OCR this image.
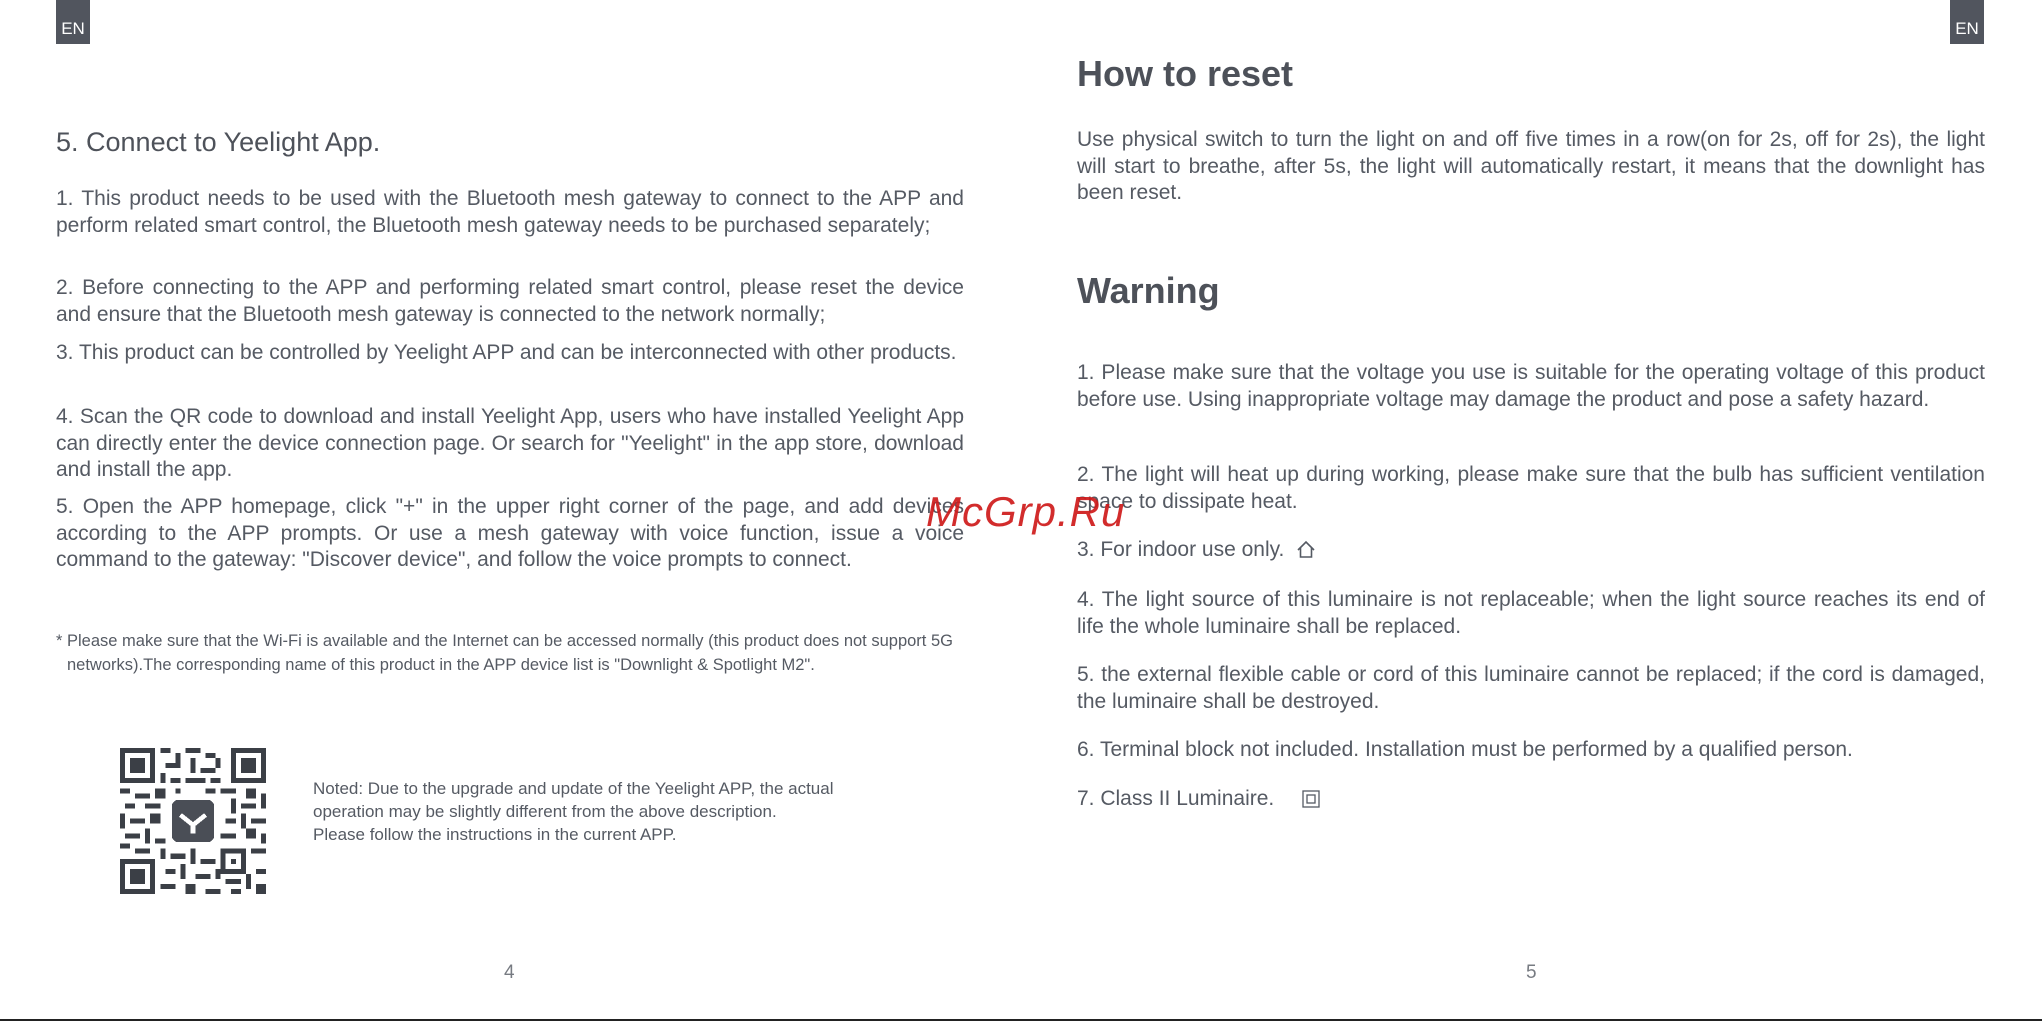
EN
5. Connect to Yeelight App.

1. This product needs to be used with the Bluetooth mesh gateway to connect to the APP and perform related smart control, the Bluetooth mesh gateway needs to be purchased separately;

2. Before connecting to the APP and performing related smart control, please reset the device and ensure that the Bluetooth mesh gateway is connected to the network normally;

3. This product can be controlled by Yeelight APP and can be interconnected with other products.

4. Scan the QR code to download and install Yeelight App, users who have installed Yeelight App can directly enter the device connection page. Or search for "Yeelight" in the app store, download and install the app.

5. Open the APP homepage, click "+" in the upper right corner of the page, and add devices according to the APP prompts. Or use a mesh gateway with voice function, issue a voice command to the gateway: "Discover device", and follow the voice prompts to connect.

* Please make sure that the Wi-Fi is available and the Internet can be accessed normally (this product does not support 5G networks).The corresponding name of this product in the APP device list is "Downlight & Spotlight M2".

Noted: Due to the upgrade and update of the Yeelight APP, the actual

operation may be slightly different from the above description.

Please follow the instructions in the current APP.

4
EN
How to reset

Use physical switch to turn the light on and off five times in a row(on for 2s, off for 2s), the light will start to breathe, after 5s, the light will automatically restart, it means that the downlight has been reset.

Warning

1. Please make sure that the voltage you use is suitable for the operating voltage of this product before use. Using inappropriate voltage may damage the product and pose a safety hazard.

2. The light will heat up during working, please make sure that the bulb has sufficient ventilation space to dissipate heat.

3. For indoor use only.

4. The light source of this luminaire is not replaceable; when the light source reaches its end of life the whole luminaire shall be replaced.

5. the external flexible cable or cord of this luminaire cannot be replaced; if the cord is damaged, the luminaire shall be destroyed.

6. Terminal block not included. Installation must be performed by a qualified person.

7. Class II Luminaire.

5
McGrp.Ru
